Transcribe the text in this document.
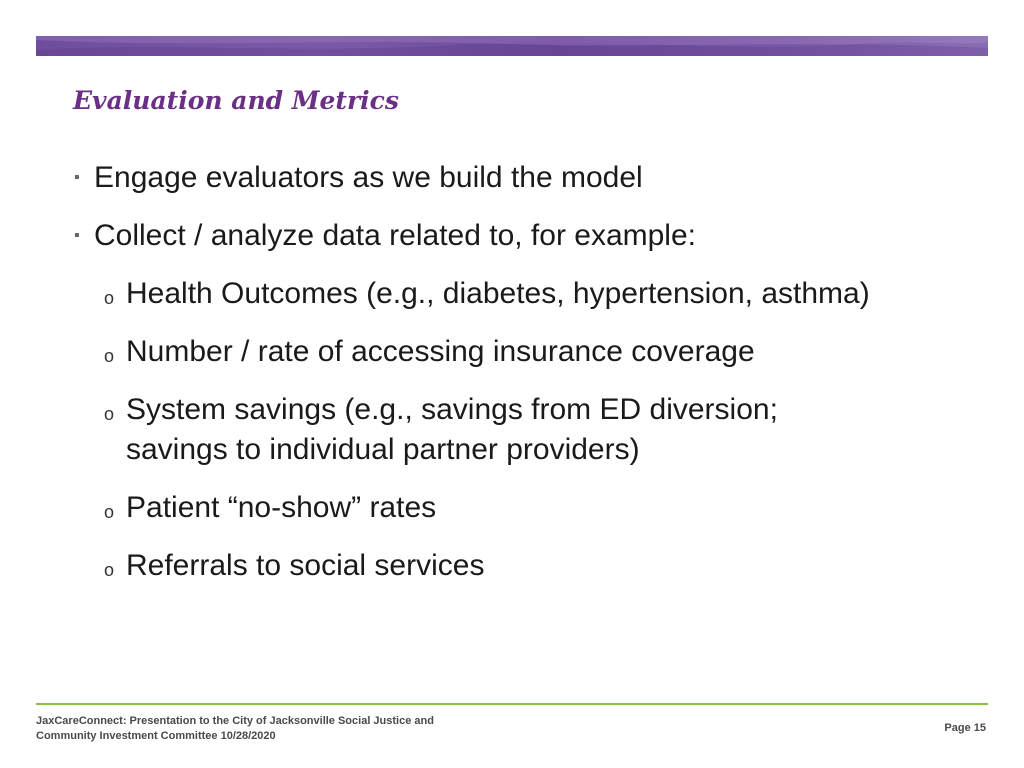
Evaluation and Metrics
▪ Engage evaluators as we build the model
▪ Collect / analyze data related to, for example:
o Health Outcomes (e.g., diabetes, hypertension, asthma)
o Number / rate of accessing insurance coverage
o System savings (e.g., savings from ED diversion; savings to individual partner providers)
o Patient “no-show” rates
o Referrals to social services
JaxCareConnect: Presentation to the City of Jacksonville Social Justice and Community Investment Committee 10/28/2020
Page 15
